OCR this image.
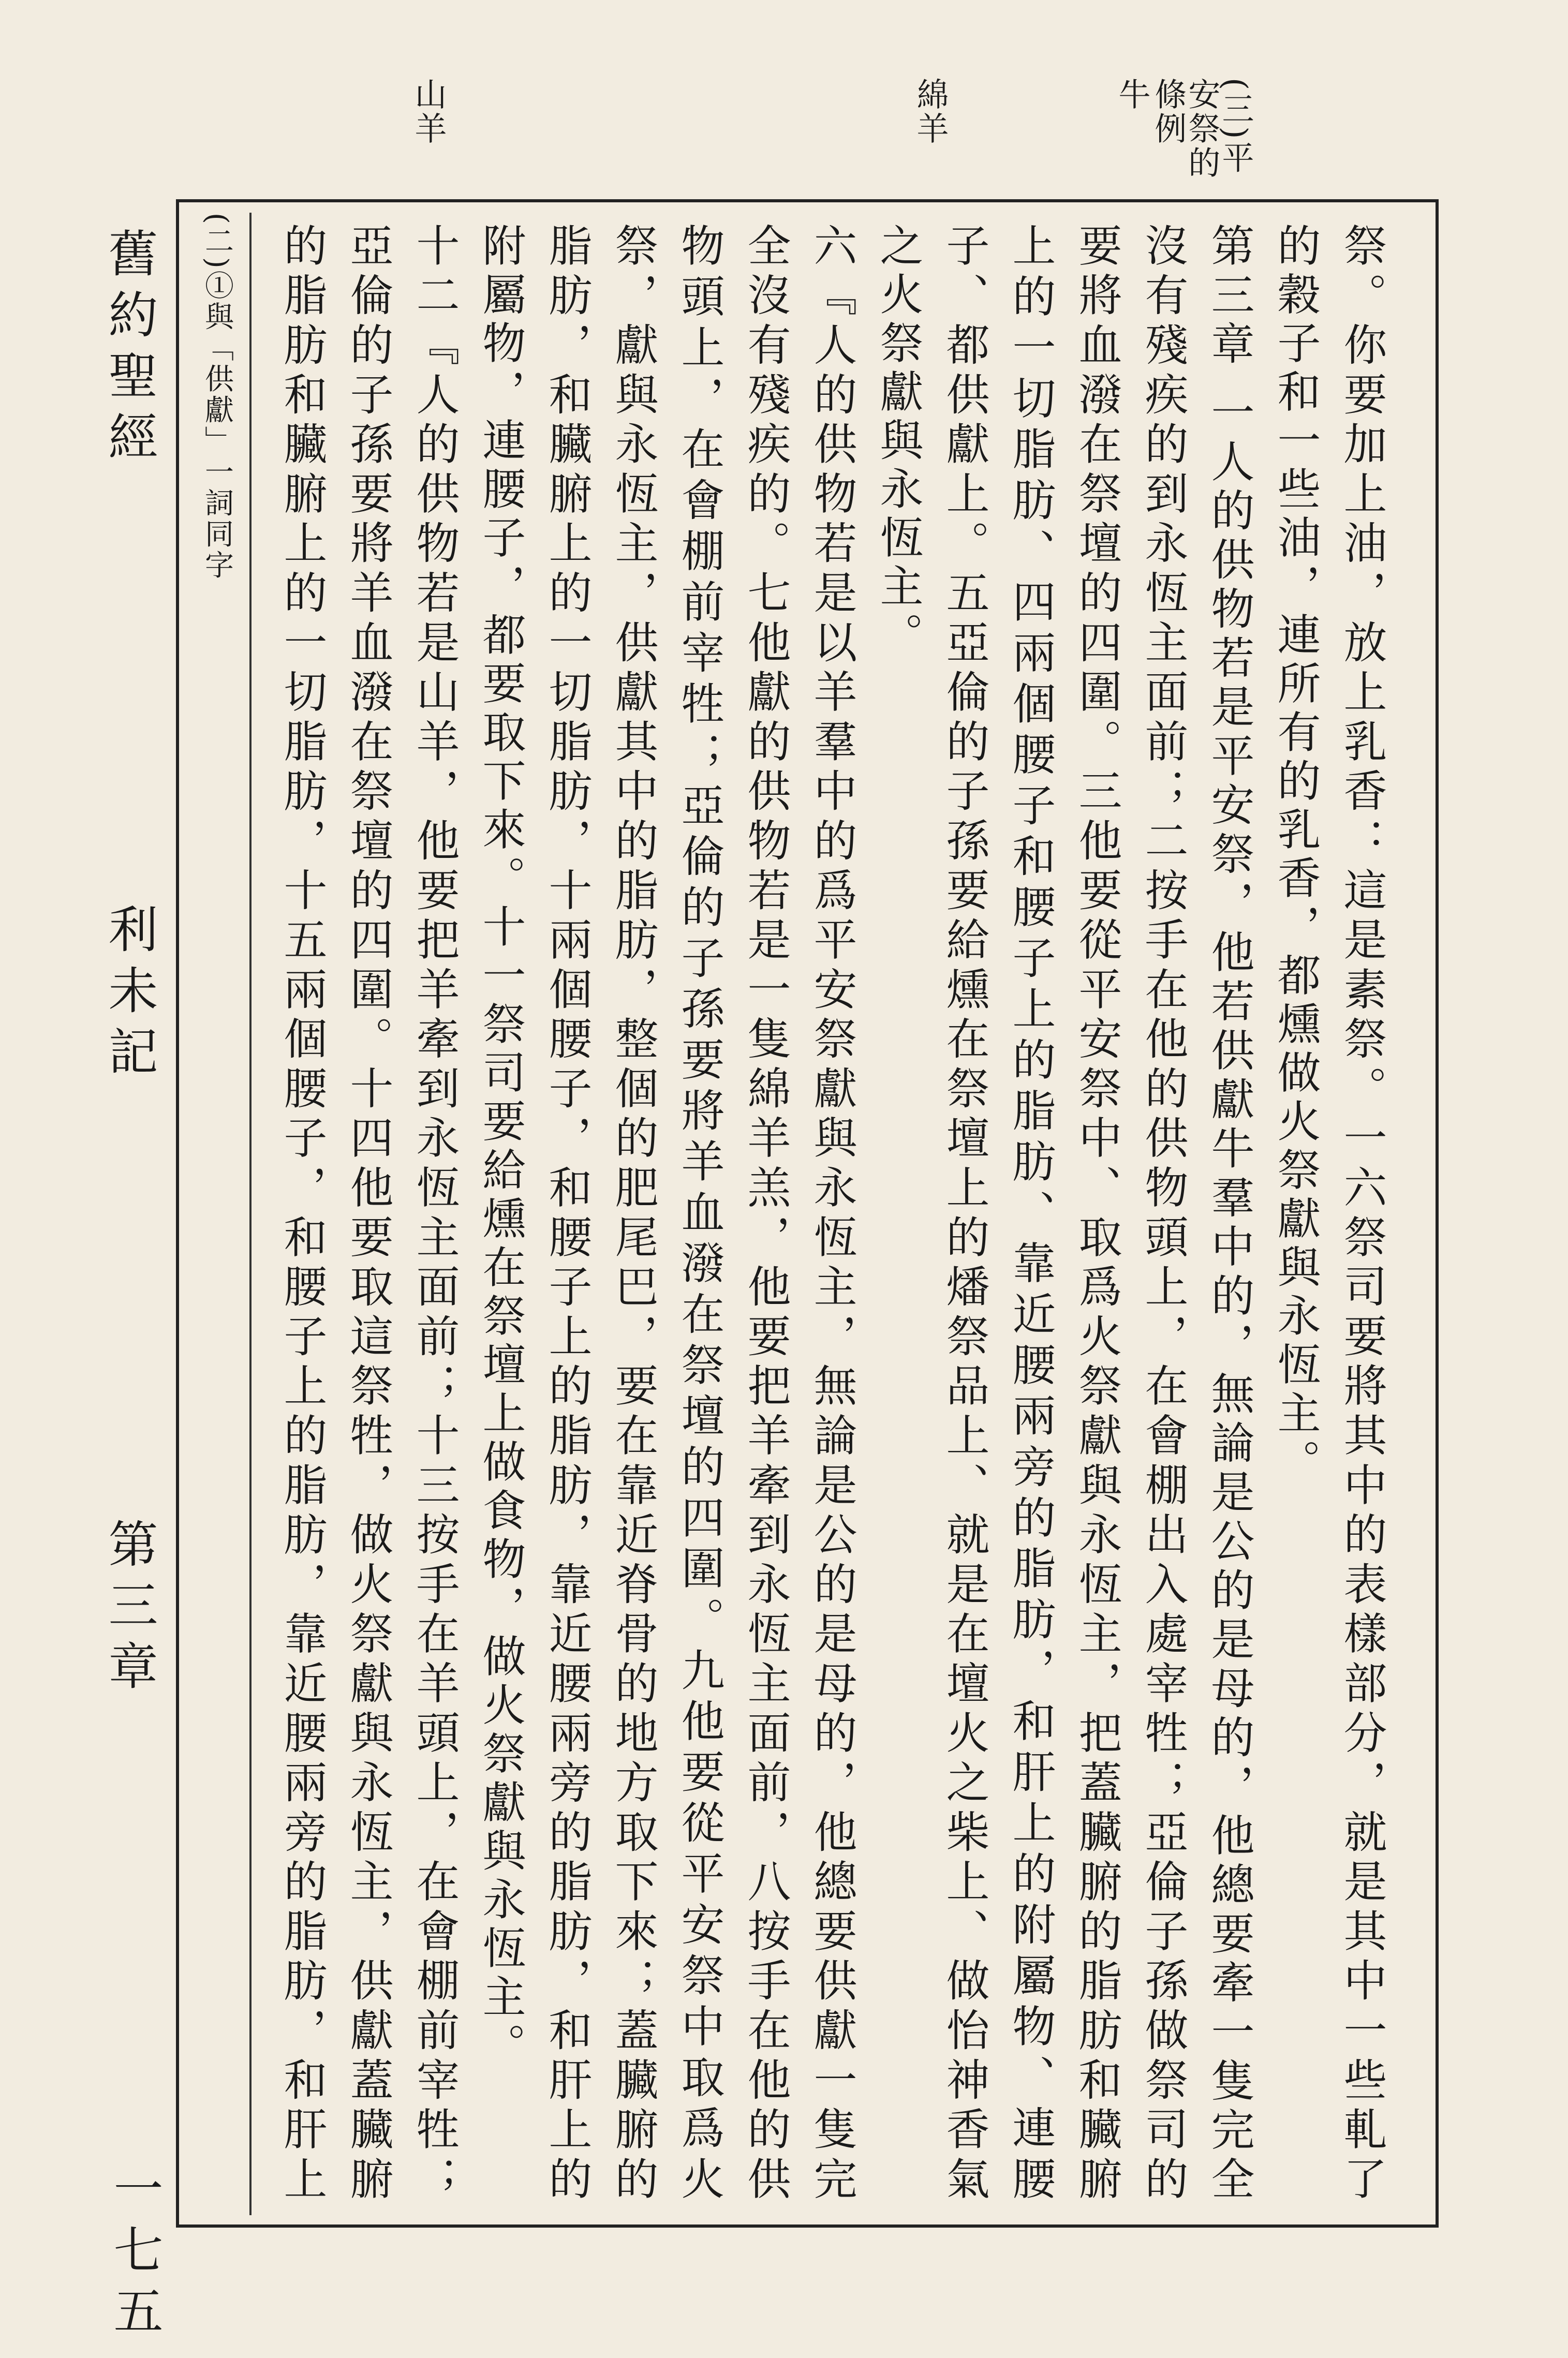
(三)平安祭的條例
牛
綿羊
山羊
舊約聖經
利未記
第三章
(二)①與「供獻」一詞同字	祭。你要加上油，放上乳香：這是素祭。一六祭司要將其中的表樣部分，就是其中一些軋了的穀子和一些油，連所有的乳香，都燻做火祭獻與永恆主。

第三章 一人的供物若是平安祭，他若供獻牛羣中的，無論是公的是母的，他總要牽一隻完全沒有殘疾的到永恆主面前；二按手在他的供物頭上，在會棚出入處宰牲；亞倫子孫做祭司的要將血潑在祭壇的四圍。三他要從平安祭中、取爲火祭獻與永恆主，把蓋臟腑的脂肪和臟腑上的一切脂肪、四兩個腰子和腰子上的脂肪、靠近腰兩旁的脂肪，和肝上的附屬物、連腰子、都供獻上。五亞倫的子孫要給燻在祭壇上的燔祭品上、就是在壇火之柴上、做怡神香氣之火祭獻與永恆主。

六『人的供物若是以羊羣中的爲平安祭獻與永恆主，無論是公的是母的，他總要供獻一隻完全沒有殘疾的。七他獻的供物若是一隻綿羊羔，他要把羊牽到永恆主面前，八按手在他的供物頭上，在會棚前宰牲；亞倫的子孫要將羊血潑在祭壇的四圍。九他要從平安祭中取爲火祭，獻與永恆主，供獻其中的脂肪，整個的肥尾巴，要在靠近脊骨的地方取下來；蓋臟腑的脂肪，和臟腑上的一切脂肪，十兩個腰子，和腰子上的脂肪，靠近腰兩旁的脂肪，和肝上的附屬物，連腰子，都要取下來。十一祭司要給燻在祭壇上做食物，做火祭獻與永恆主。

十二『人的供物若是山羊，他要把羊牽到永恆主面前；十三按手在羊頭上，在會棚前宰牲；亞倫的子孫要將羊血潑在祭壇的四圍。十四他要取這祭牲，做火祭獻與永恆主，供獻蓋臟腑的脂肪和臟腑上的一切脂肪，十五兩個腰子，和腰子上的脂肪，靠近腰兩旁的脂肪，和肝上

一七五
